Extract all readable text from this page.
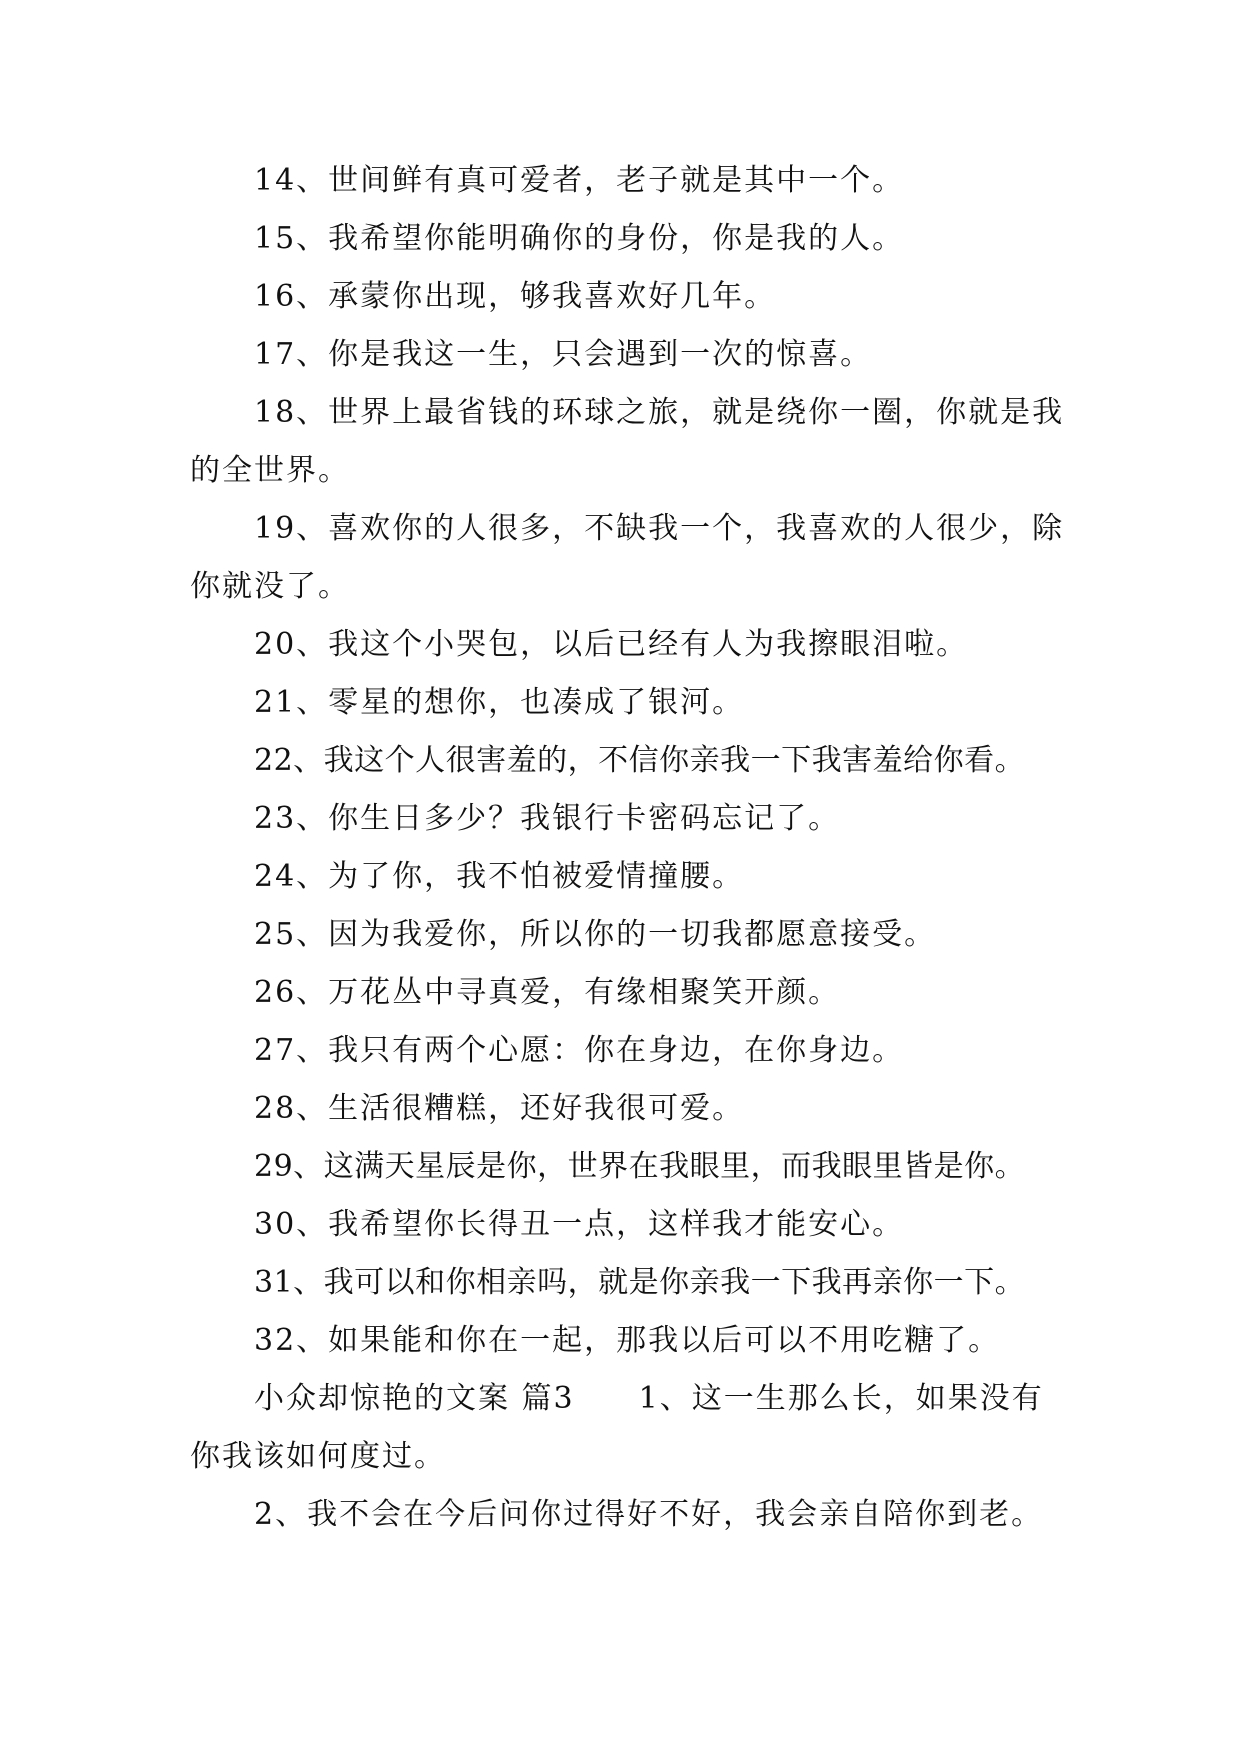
14、世间鲜有真可爱者，老子就是其中一个。

15、我希望你能明确你的身份，你是我的人。

16、承蒙你出现，够我喜欢好几年。

17、你是我这一生，只会遇到一次的惊喜。

18、世界上最省钱的环球之旅，就是绕你一圈，你就是我的全世界。

19、喜欢你的人很多，不缺我一个，我喜欢的人很少，除你就没了。

20、我这个小哭包，以后已经有人为我擦眼泪啦。

21、零星的想你，也凑成了银河。

22、我这个人很害羞的，不信你亲我一下我害羞给你看。

23、你生日多少？我银行卡密码忘记了。

24、为了你，我不怕被爱情撞腰。

25、因为我爱你，所以你的一切我都愿意接受。

26、万花丛中寻真爱，有缘相聚笑开颜。

27、我只有两个心愿：你在身边，在你身边。

28、生活很糟糕，还好我很可爱。

29、这满天星辰是你，世界在我眼里，而我眼里皆是你。

30、我希望你长得丑一点，这样我才能安心。

31、我可以和你相亲吗，就是你亲我一下我再亲你一下。

32、如果能和你在一起，那我以后可以不用吃糖了。

小众却惊艳的文案 篇3　　1、这一生那么长，如果没有你我该如何度过。

2、我不会在今后问你过得好不好，我会亲自陪你到老。
